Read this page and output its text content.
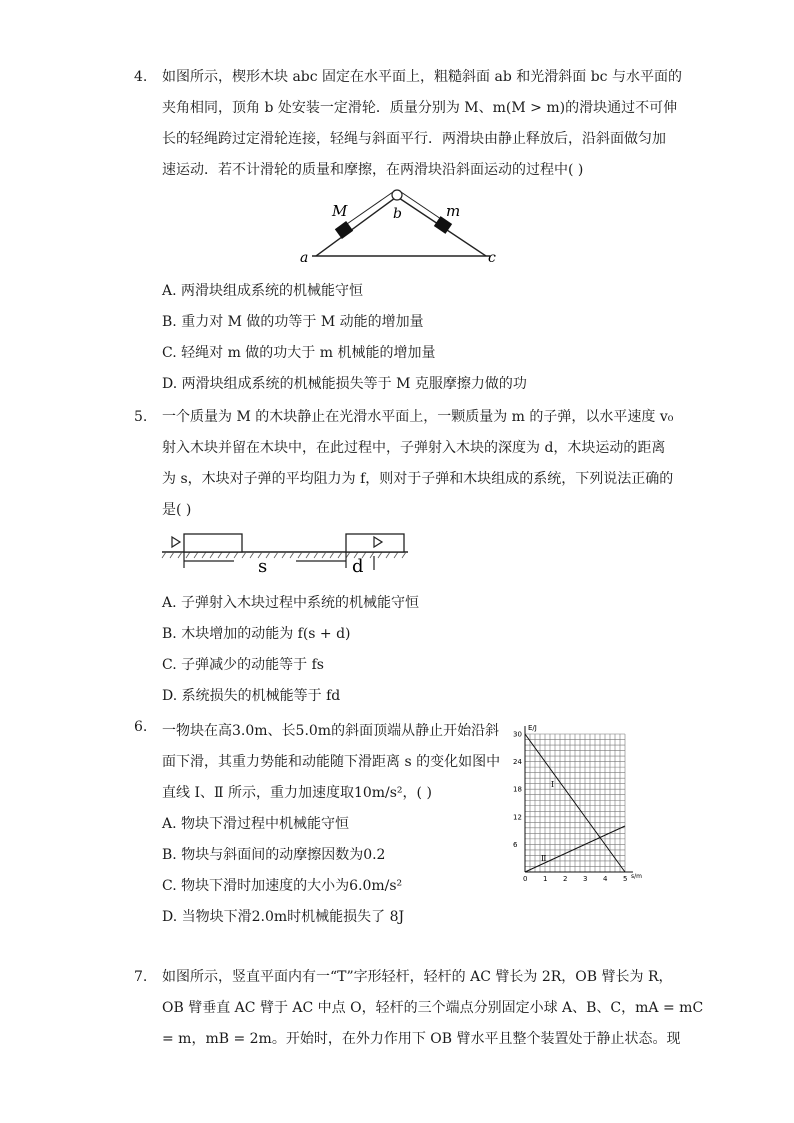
4. 如图所示，楔形木块 abc 固定在水平面上，粗糙斜面 ab 和光滑斜面 bc 与水平面的
夹角相同，顶角 b 处安装一定滑轮．质量分别为 M、m(M > m)的滑块通过不可伸
长的轻绳跨过定滑轮连接，轻绳与斜面平行．两滑块由静止释放后，沿斜面做匀加
速运动．若不计滑轮的质量和摩擦，在两滑块沿斜面运动的过程中( )
M	m
b
a	c
A. 两滑块组成系统的机械能守恒
B. 重力对 M 做的功等于 M 动能的增加量
C. 轻绳对 m 做的功大于 m 机械能的增加量
D. 两滑块组成系统的机械能损失等于 M 克服摩擦力做的功
5. 一个质量为 M 的木块静止在光滑水平面上，一颗质量为 m 的子弹，以水平速度 v₀
射入木块并留在木块中，在此过程中，子弹射入木块的深度为 d，木块运动的距离
为 s，木块对子弹的平均阻力为 f，则对于子弹和木块组成的系统，下列说法正确的
是( )
s	d
A. 子弹射入木块过程中系统的机械能守恒
B. 木块增加的动能为 f(s + d)
C. 子弹减少的动能等于 fs
D. 系统损失的机械能等于 fd
6. 一物块在高3.0m、长5.0m的斜面顶端从静止开始沿斜
面下滑，其重力势能和动能随下滑距离 s 的变化如图中
直线 Ⅰ、Ⅱ 所示，重力加速度取10m/s²，( )
A. 物块下滑过程中机械能守恒
B. 物块与斜面间的动摩擦因数为0.2
C. 物块下滑时加速度的大小为6.0m/s²
D. 当物块下滑2.0m时机械能损失了 8J
E/J
s/m
0 1 2 3 4 5
6
12
18
24
30
Ⅰ
Ⅱ
7. 如图所示，竖直平面内有一“T”字形轻杆，轻杆的 AC 臂长为 2R，OB 臂长为 R，
OB 臂垂直 AC 臂于 AC 中点 O，轻杆的三个端点分别固定小球 A、B、C，mA = mC
= m，mB = 2m。开始时，在外力作用下 OB 臂水平且整个装置处于静止状态。现
